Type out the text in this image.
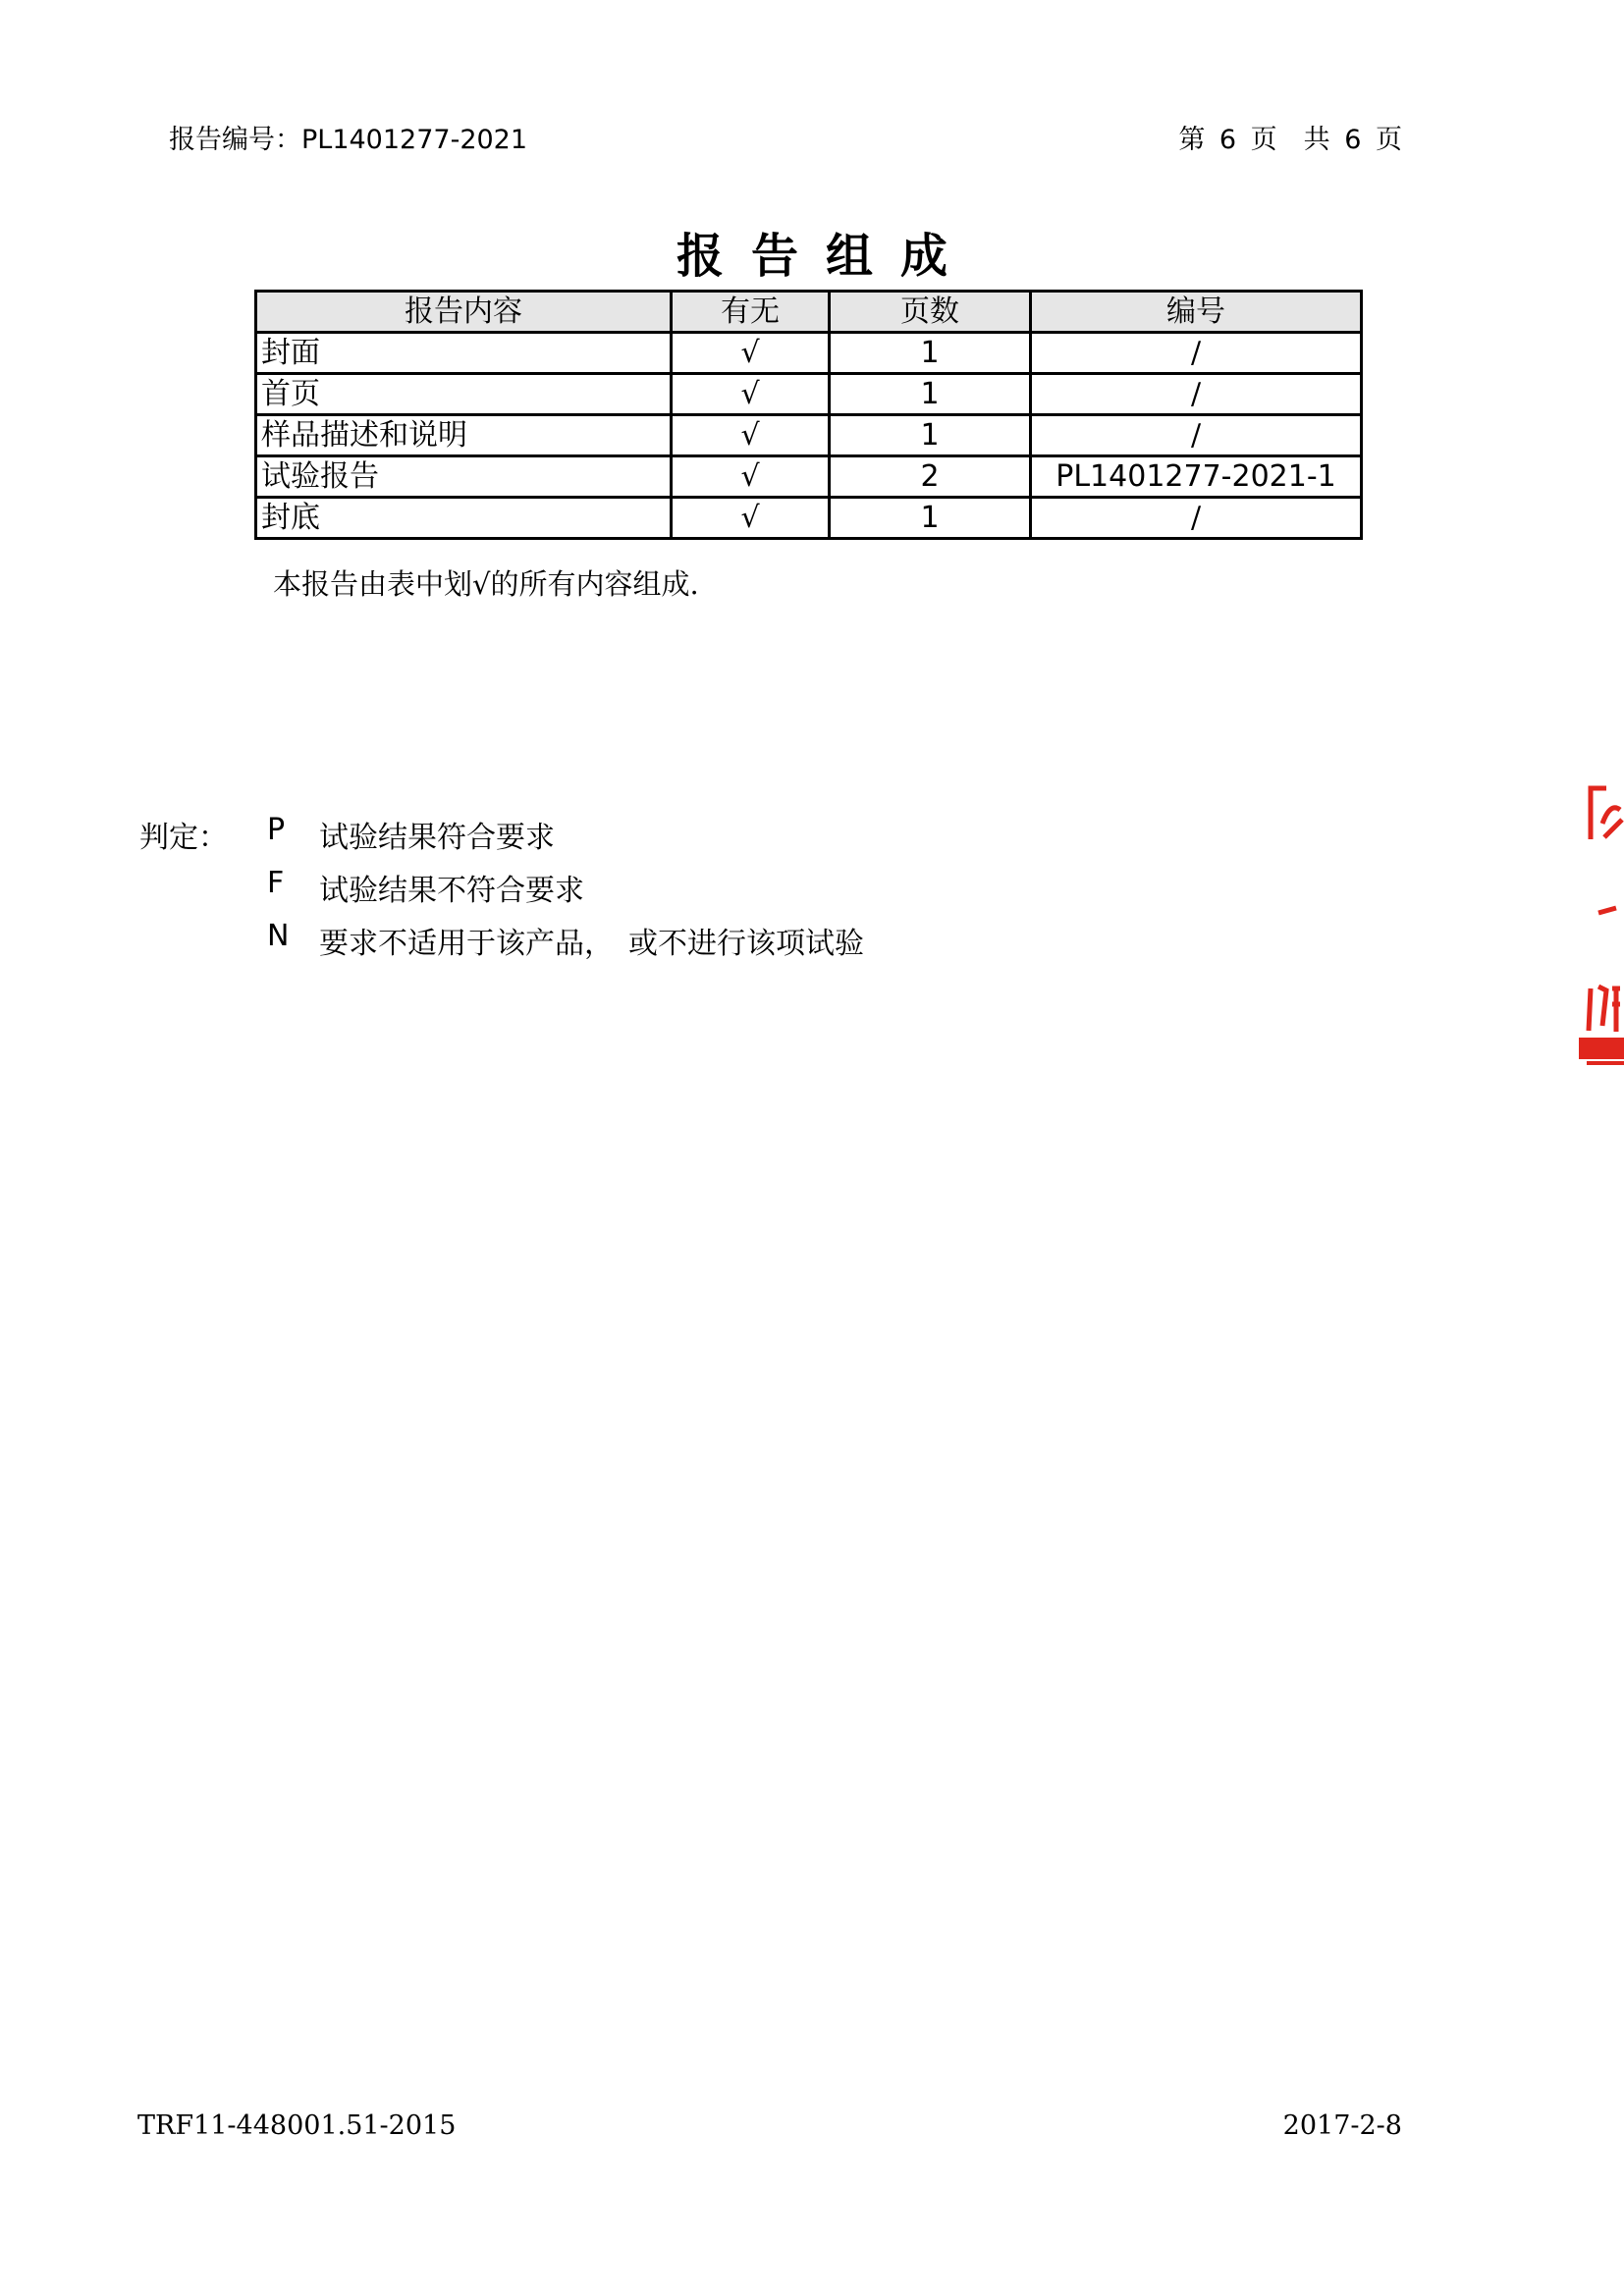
报告编号：PL1401277-2021	第 6 页　共 6 页
报告组成
报告内容	有无	页数	编号
封面	√	1	/
首页	√	1	/
样品描述和说明	√	1	/
试验报告	√	2	PL1401277-2021-1
封底	√	1	/
本报告由表中划√的所有内容组成.
判定：	P	试验结果符合要求
F	试验结果不符合要求
N	要求不适用于该产品，　或不进行该项试验
TRF11-448001.51-2015	2017-2-8
